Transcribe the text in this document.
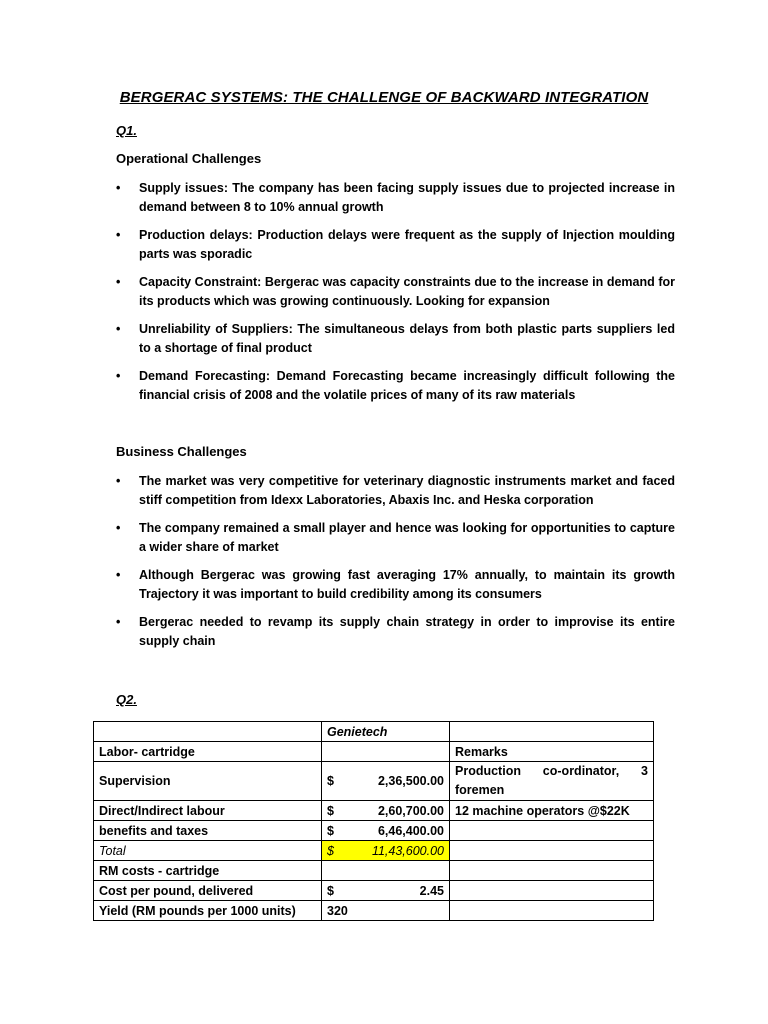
BERGERAC SYSTEMS: THE CHALLENGE OF BACKWARD INTEGRATION
Q1.
Operational Challenges
• Supply issues: The company has been facing supply issues due to projected increase in demand between 8 to 10% annual growth
• Production delays: Production delays were frequent as the supply of Injection moulding parts was sporadic
• Capacity Constraint: Bergerac was capacity constraints due to the increase in demand for its products which was growing continuously. Looking for expansion
• Unreliability of Suppliers: The simultaneous delays from both plastic parts suppliers led to a shortage of final product
• Demand Forecasting: Demand Forecasting became increasingly difficult following the financial crisis of 2008 and the volatile prices of many of its raw materials
Business Challenges
• The market was very competitive for veterinary diagnostic instruments market and faced stiff competition from Idexx Laboratories, Abaxis Inc. and Heska corporation
• The company remained a small player and hence was looking for opportunities to capture a wider share of market
• Although Bergerac was growing fast averaging 17% annually, to maintain its growth Trajectory it was important to build credibility among its consumers
• Bergerac needed to revamp its supply chain strategy in order to improvise its entire supply chain
Q2.
	Genietech	
Labor- cartridge		Remarks
Supervision	$ 2,36,500.00	Production co-ordinator, 3 foremen
Direct/Indirect labour	$ 2,60,700.00	12 machine operators @$22K
benefits and taxes	$ 6,46,400.00	

Total	$ 11,43,600.00	

RM costs - cartridge		
Cost per pound, delivered	$ 2.45	

Yield (RM pounds per 1000 units)	320	
